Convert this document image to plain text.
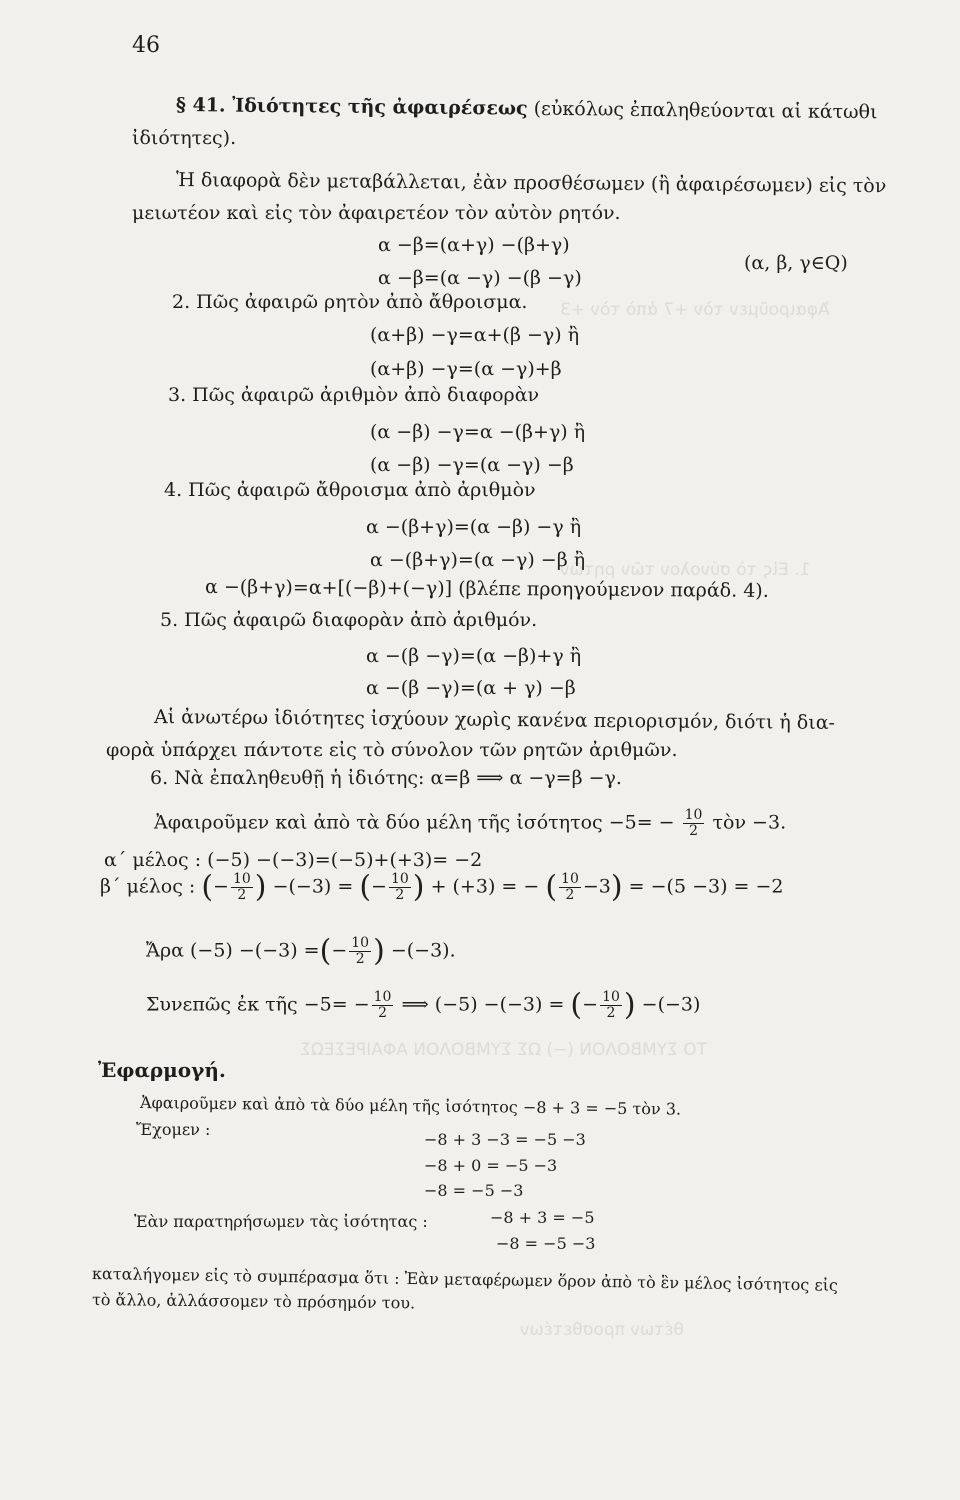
Ἀφαιροῦμεν τὸν +7 ἀπὸ τὸν +3
1. Εἰς τὸ σύνολον τῶν ρητῶν
ΤΟ ΣΥΜΒΟΛΟΝ (−) ΩΣ ΣΥΜΒΟΛΟΝ ΑΦΑΙΡΕΣΕΩΣ
θέτων προσθετέων
46
§ 41. Ἰδιότητες τῆς ἀφαιρέσεως (εὐκόλως ἐπαληθεύονται αἱ κάτωθι
ἰδιότητες).
Ἡ διαφορὰ δὲν μεταβάλλεται, ἐὰν προσθέσωμεν (ἢ ἀφαιρέσωμεν) εἰς τὸν
μειωτέον καὶ εἰς τὸν ἀφαιρετέον τὸν αὐτὸν ρητόν.
α −β=(α+γ) −(β+γ)
(α, β, γ∈Q)
α −β=(α −γ) −(β −γ)
2. Πῶς ἀφαιρῶ ρητὸν ἀπὸ ἄθροισμα.
(α+β) −γ=α+(β −γ) ἢ
(α+β) −γ=(α −γ)+β
3. Πῶς ἀφαιρῶ ἀριθμὸν ἀπὸ διαφορὰν
(α −β) −γ=α −(β+γ) ἢ
(α −β) −γ=(α −γ) −β
4. Πῶς ἀφαιρῶ ἄθροισμα ἀπὸ ἀριθμὸν
α −(β+γ)=(α −β) −γ ἢ
α −(β+γ)=(α −γ) −β ἢ
α −(β+γ)=α+[(−β)+(−γ)] (βλέπε προηγούμενον παράδ. 4).
5. Πῶς ἀφαιρῶ διαφορὰν ἀπὸ ἀριθμόν.
α −(β −γ)=(α −β)+γ ἢ
α −(β −γ)=(α + γ) −β
Αἱ ἀνωτέρω ἰδιότητες ἰσχύουν χωρὶς κανένα περιορισμόν, διότι ἡ δια-
φορὰ ὑπάρχει πάντοτε εἰς τὸ σύνολον τῶν ρητῶν ἀριθμῶν.
6. Νὰ ἐπαληθευθῇ ἡ ἰδιότης: α=β ⟹ α −γ=β −γ.
Ἀφαιροῦμεν καὶ ἀπὸ τὰ δύο μέλη τῆς ἰσότητος $-5= - \frac{10}{2}$ τὸν −3.
α΄ μέλος : (−5) −(−3)=(−5)+(+3)= −2
β΄ μέλος : (− $\frac{10}{2}$ ) −(−3) = (− $\frac{10}{2}$ ) + (+3) = − ( $\frac{10}{2} -3) = -(5 -3) = -2$
Ἄρα (−5) −(−3) =(− $\frac{10}{2}$ ) −(−3).
Συνεπῶς ἐκ τῆς $-5= - \frac{10}{2}$ ⟹ (−5) −(−3) = (− $\frac{10}{2}$ ) −(−3)
Ἐφαρμογή.
Ἀφαιροῦμεν καὶ ἀπὸ τὰ δύο μέλη τῆς ἰσότητος −8 + 3 = −5 τὸν 3.
Ἔχομεν :
−8 + 3 −3 = −5 −3
−8 + 0 = −5 −3
−8 = −5 −3
Ἐὰν παρατηρήσωμεν τὰς ἰσότητας :	−8 + 3 = −5
−8 = −5 −3
καταλήγομεν εἰς τὸ συμπέρασμα ὅτι : Ἐὰν μεταφέρωμεν ὅρον ἀπὸ τὸ ἓν μέλος ἰσότητος εἰς
τὸ ἄλλο, ἀλλάσσομεν τὸ πρόσημόν του.
